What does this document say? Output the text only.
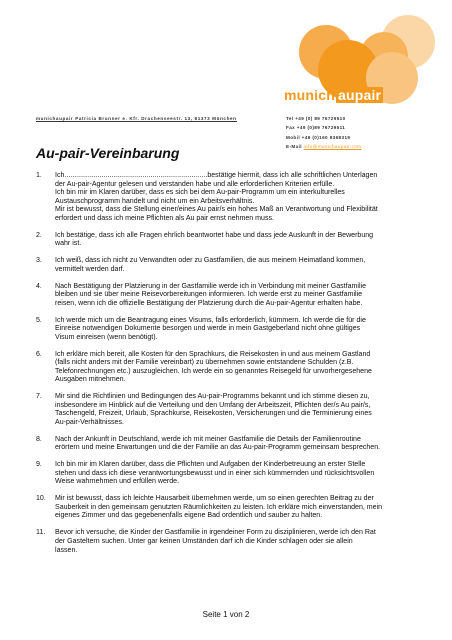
munich aupair
munichaupair Patricia Brunner e. Kfr. Drachenseestr. 13, 81373 München	Tel +49 (0) 89 76729510
Fax +49 (0)89 76729511
Mobil +49 (0)160 9368319
E-Mail info@munichaupair.com
Au-pair-Vereinbarung
1.	Ich.........................................................................bestätige hiermit, dass ich alle schriftlichen Unterlagen

der Au-pair-Agentur gelesen und verstanden habe und alle erforderlichen Kriterien erfülle.

Ich bin mir im Klaren darüber, dass es sich bei dem Au-pair-Programm um ein interkulturelles

Austauschprogramm handelt und nicht um ein Arbeitsverhältnis.

Mir ist bewusst, dass die Stellung einer/eines Au pair/s ein hohes Maß an Verantwortung und Flexibilität

erfordert und dass ich meine Pflichten als Au pair ernst nehmen muss.

2.	Ich bestätige, dass ich alle Fragen ehrlich beantwortet habe und dass jede Auskunft in der Bewerbung

wahr ist.

3.	Ich weiß, dass ich nicht zu Verwandten oder zu Gastfamilien, die aus meinem Heimatland kommen,

vermittelt werden darf.

4.	Nach Bestätigung der Platzierung in der Gastfamilie werde ich in Verbindung mit meiner Gastfamilie

bleiben und sie über meine Reisevorbereitungen informieren. Ich werde erst zu meiner Gastfamilie

reisen, wenn ich die offizielle Bestätigung der Platzierung durch die Au-pair-Agentur erhalten habe.

5.	Ich werde mich um die Beantragung eines Visums, falls erforderlich, kümmern. Ich werde die für die

Einreise notwendigen Dokumente besorgen und werde in mein Gastgeberland nicht ohne gültiges

Visum einreisen (wenn benötigt).

6.	Ich erkläre mich bereit, alle Kosten für den Sprachkurs, die Reisekosten in und aus meinem Gastland

(falls nicht anders mit der Familie vereinbart) zu übernehmen sowie entstandene Schulden (z.B.

Telefonrechnungen etc.) auszugleichen. Ich werde ein so genanntes Reisegeld für unvorhergesehene

Ausgaben mitnehmen.

7.	Mir sind die Richtlinien und Bedingungen des Au-pair-Programms bekannt und ich stimme diesen zu,

insbesondere im Hinblick auf die Verteilung und den Umfang der Arbeitszeit, Pflichten der/s Au pair/s,

Taschengeld, Freizeit, Urlaub, Sprachkurse, Reisekosten, Versicherungen und die Terminierung eines

Au-pair-Verhältnisses.

8.	Nach der Ankunft in Deutschland, werde ich mit meiner Gastfamilie die Details der Familienroutine

erörtern und meine Erwartungen und die der Familie an das Au-pair-Programm gemeinsam besprechen.

9.	Ich bin mir im Klaren darüber, dass die Pflichten und Aufgaben der Kinderbetreuung an erster Stelle

stehen und dass ich diese verantwortungsbewusst und in einer sich kümmernden und rücksichtsvollen

Weise wahrnehmen und erfüllen werde.

10.	Mir ist bewusst, dass ich leichte Hausarbeit übernehmen werde, um so einen gerechten Beitrag zu der

Sauberkeit in den gemeinsam genutzten Räumlichkeiten zu leisten. Ich erkläre mich einverstanden, mein

eigenes Zimmer und das gegebenenfalls eigene Bad ordentlich und sauber zu halten.

11.	Bevor ich versuche, die Kinder der Gastfamilie in irgendeiner Form zu disziplinieren, werde ich den Rat

der Gasteltern suchen. Unter gar keinen Umständen darf ich die Kinder schlagen oder sie allein

lassen.

Seite 1 von 2
